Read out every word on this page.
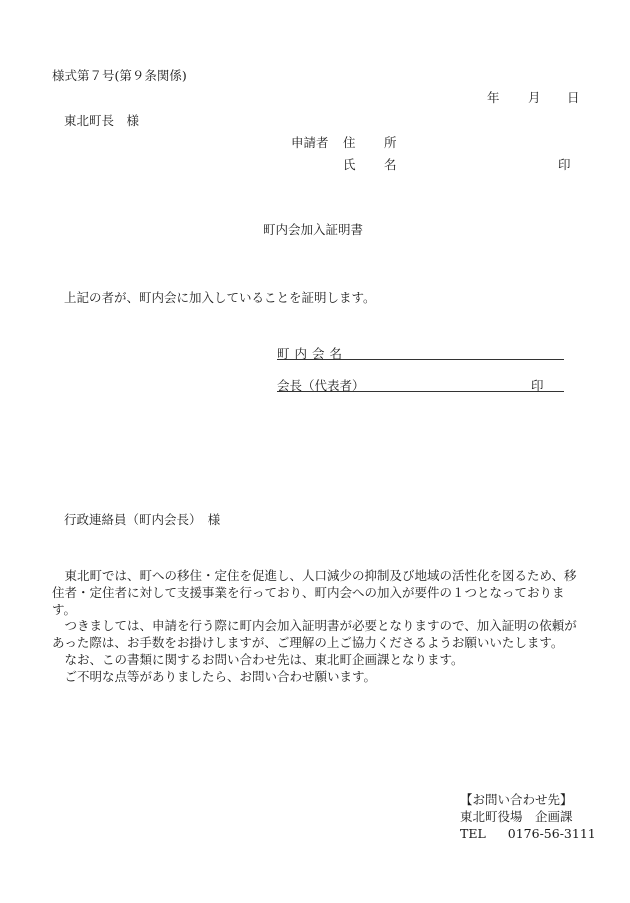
様式第７号(第９条関係)
年 月 日
東北町長　様
申請者 住 所
氏 名	印
町内会加入証明書
上記の者が、町内会に加入していることを証明します。
町内会名
会長（代表者）	印
行政連絡員（町内会長）　様

東北町では、町への移住・定住を促進し、人口減少の抑制及び地域の活性化を図るため、移住者・定住者に対して支援事業を行っており、町内会への加入が要件の１つとなっております。

つきましては、申請を行う際に町内会加入証明書が必要となりますので、加入証明の依頼があった際は、お手数をお掛けしますが、ご理解の上ご協力くださるようお願いいたします。

なお、この書類に関するお問い合わせ先は、東北町企画課となります。

ご不明な点等がありましたら、お問い合わせ願います。

【お問い合わせ先】
東北町役場　企画課
TEL 0176-56-3111
